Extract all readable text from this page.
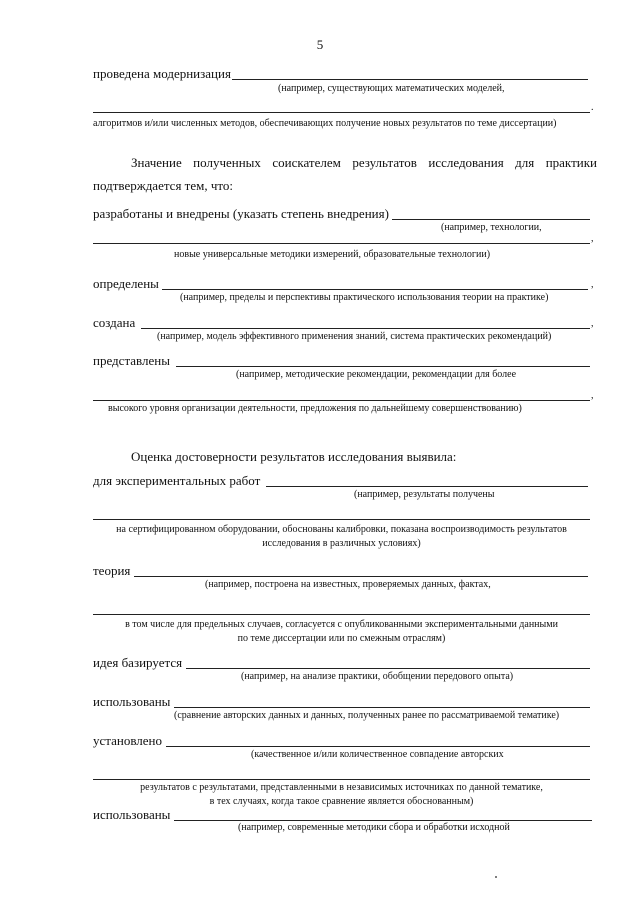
5
проведена модернизация
(например, существующих математических моделей,
.
алгоритмов и/или численных методов, обеспечивающих получение новых результатов по теме диссертации)
Значение полученных соискателем результатов исследования для практики
подтверждается тем, что:
разработаны и внедрены (указать степень внедрения)
(например, технологии,
,
новые универсальные методики измерений, образовательные технологии)
определены	,
(например, пределы и перспективы практического использования теории на практике)
создана	,
(например, модель эффективного применения знаний, система практических рекомендаций)
представлены
(например, методические рекомендации, рекомендации для более
,
высокого уровня организации деятельности, предложения по дальнейшему совершенствованию)
Оценка достоверности результатов исследования выявила:
для экспериментальных работ
(например, результаты получены
на сертифицированном оборудовании, обоснованы калибровки, показана воспроизводимость результатов
исследования в различных условиях)
теория
(например, построена на известных, проверяемых данных, фактах,
в том числе для предельных случаев, согласуется с опубликованными экспериментальными данными
по теме диссертации или по смежным отраслям)
идея базируется
(например, на анализе практики, обобщении передового опыта)
использованы
(сравнение авторских данных и данных, полученных ранее по рассматриваемой тематике)
установлено
(качественное и/или количественное совпадение авторских
результатов с результатами, представленными в независимых источниках по данной тематике,
в тех случаях, когда такое сравнение является обоснованным)
использованы
(например, современные методики сбора и обработки исходной
